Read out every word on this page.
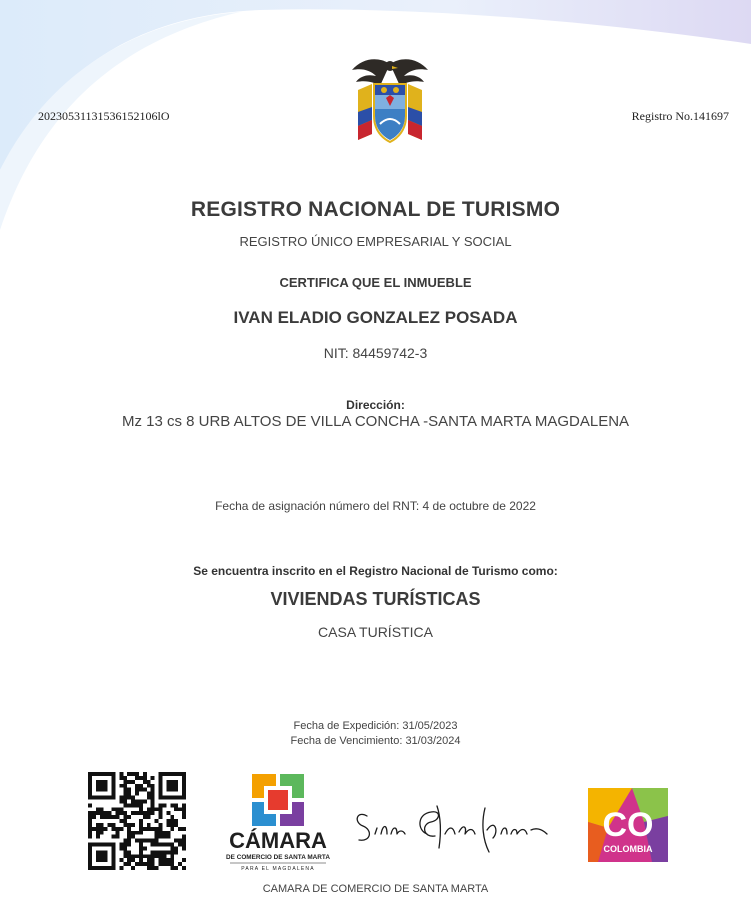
20230531131536152106lO	Registro No.141697
REGISTRO NACIONAL DE TURISMO
REGISTRO ÚNICO EMPRESARIAL Y SOCIAL
CERTIFICA QUE EL INMUEBLE
IVAN ELADIO GONZALEZ POSADA
NIT: 84459742-3
Dirección:
Mz 13 cs 8 URB ALTOS DE VILLA CONCHA -SANTA MARTA MAGDALENA
Fecha de asignación número del RNT: 4 de octubre de 2022
Se encuentra inscrito en el Registro Nacional de Turismo como:
VIVIENDAS TURÍSTICAS
CASA TURÍSTICA
Fecha de Expedición: 31/05/2023
Fecha de Vencimiento: 31/03/2024
CÁMARA
DE COMERCIO DE SANTA MARTA
PARA EL MAGDALENA
CO
COLOMBIA
CAMARA DE COMERCIO DE SANTA MARTA
